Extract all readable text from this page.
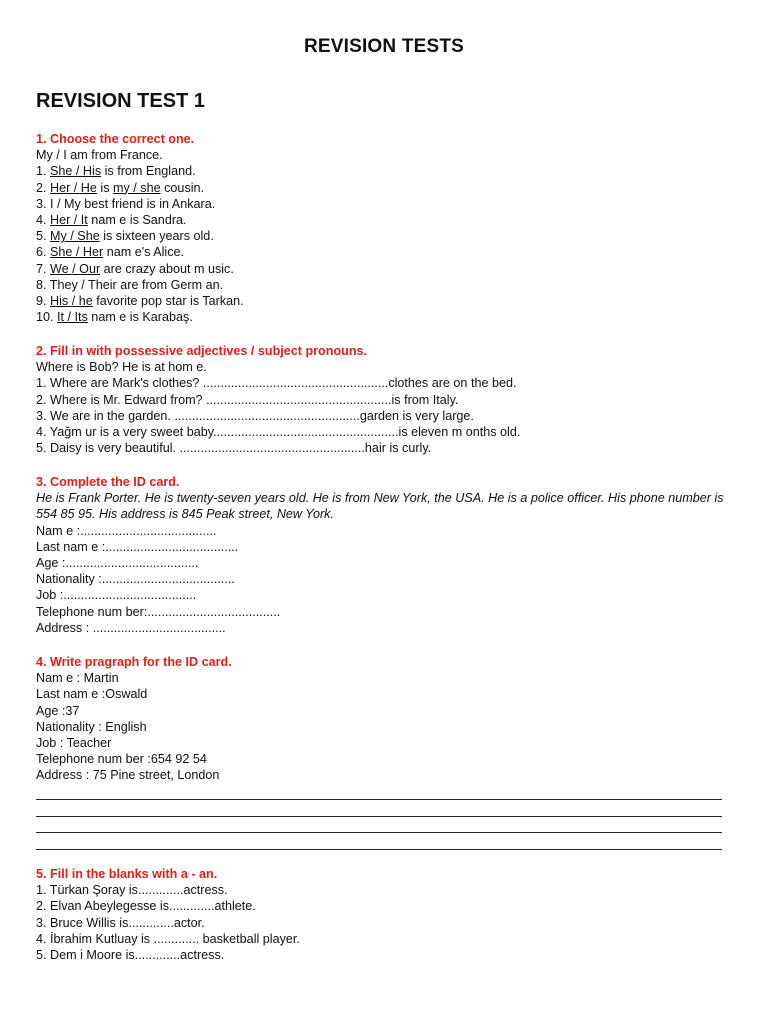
REVISION TESTS
REVISION TEST 1
1. Choose the correct one.
My / I am from France.
1. She / His is from England.
2. Her / He is my / she cousin.
3. I / My best friend is in Ankara.
4. Her / It nam e is Sandra.
5. My / She is sixteen years old.
6. She / Her nam e's Alice.
7. We / Our are crazy about m usic.
8. They / Their are from Germ an.
9. His / he favorite pop star is Tarkan.
10. It / Its nam e is Karabaş.
2. Fill in with possessive adjectives / subject pronouns.
Where is Bob? He is at hom e.
1. Where are Mark's clothes? .....................................................clothes are on the bed.
2. Where is Mr. Edward from? .....................................................is from Italy.
3. We are in the garden. .....................................................garden is very large.
4. Yağm ur is a very sweet baby.....................................................is eleven m onths old.
5. Daisy is very beautiful. .....................................................hair is curly.
3. Complete the ID card.
He is Frank Porter. He is twenty-seven years old. He is from New York, the USA. He is a police officer. His phone number is 554 85 95. His address is 845 Peak street, New York.
Nam e :.......................................
Last nam e :......................................
Age :......................................
Nationality :......................................
Job :......................................
Telephone num ber:......................................
Address : ......................................
4. Write pragraph for the ID card.
Nam e : Martin
Last nam e :Oswald
Age :37
Nationality : English
Job : Teacher
Telephone num ber :654 92 54
Address : 75 Pine street, London
5. Fill in the blanks with a - an.
1. Türkan Şoray is.............actress.
2. Elvan Abeylegesse is.............athlete.
3. Bruce Willis is.............actor.
4. İbrahim Kutluay is ............. basketball player.
5. Dem i Moore is.............actress.
